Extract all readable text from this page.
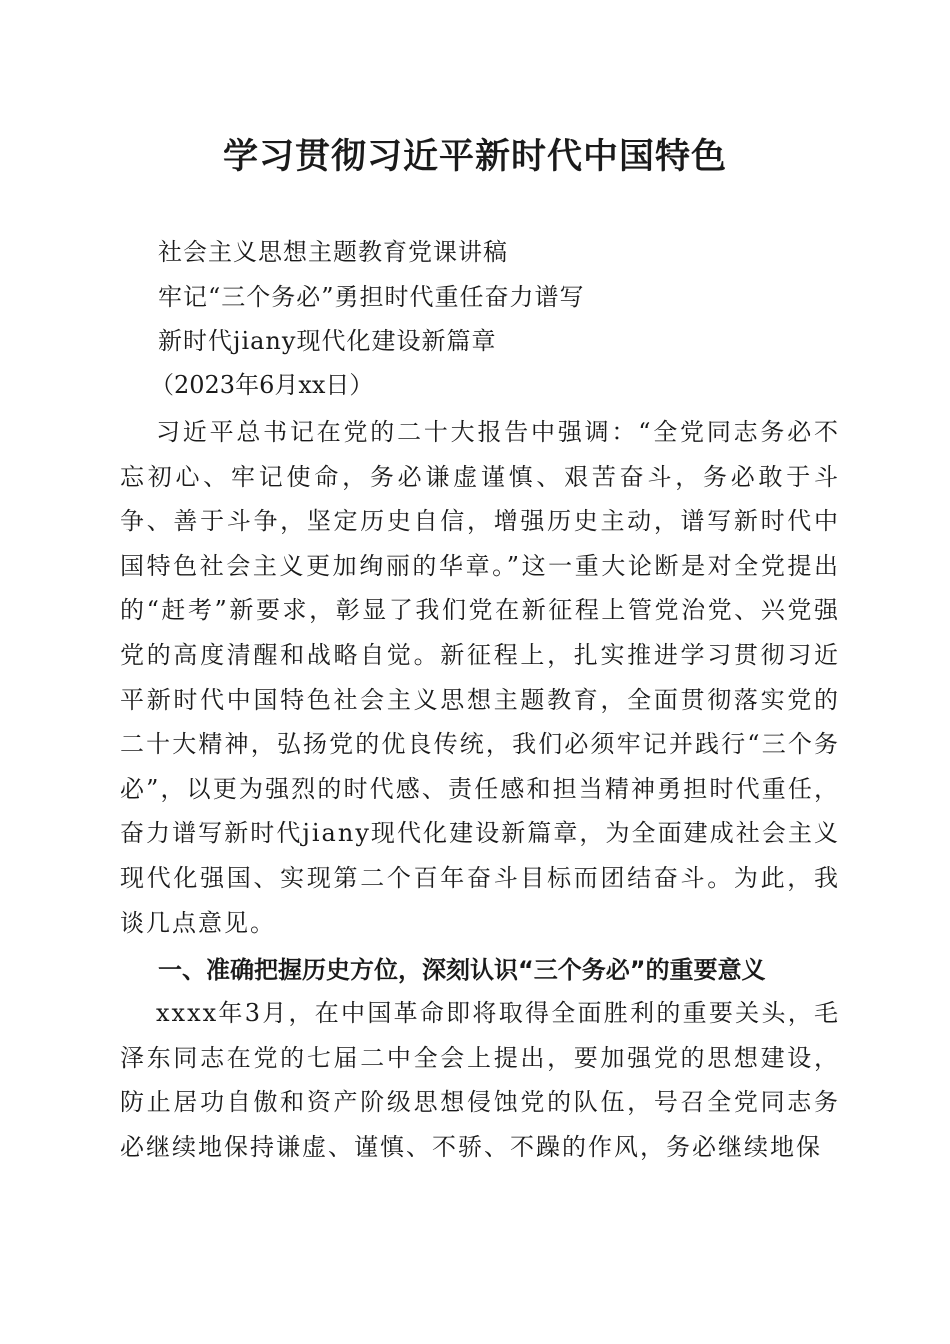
学习贯彻习近平新时代中国特色

社会主义思想主题教育党课讲稿

牢记“三个务必”勇担时代重任奋力谱写

新时代jiany现代化建设新篇章

（2023年6月xx日）

习近平总书记在党的二十大报告中强调：“全党同志务必不忘初心、牢记使命，务必谦虚谨慎、艰苦奋斗，务必敢于斗争、善于斗争，坚定历史自信，增强历史主动，谱写新时代中国特色社会主义更加绚丽的华章。”这一重大论断是对全党提出的“赶考”新要求，彰显了我们党在新征程上管党治党、兴党强党的高度清醒和战略自觉。新征程上，扎实推进学习贯彻习近平新时代中国特色社会主义思想主题教育，全面贯彻落实党的二十大精神，弘扬党的优良传统，我们必须牢记并践行“三个务必”，以更为强烈的时代感、责任感和担当精神勇担时代重任，奋力谱写新时代jiany现代化建设新篇章，为全面建成社会主义现代化强国、实现第二个百年奋斗目标而团结奋斗。为此，我谈几点意见。

一、准确把握历史方位，深刻认识“三个务必”的重要意义

xxxx年3月，在中国革命即将取得全面胜利的重要关头，毛泽东同志在党的七届二中全会上提出，要加强党的思想建设，防止居功自傲和资产阶级思想侵蚀党的队伍，号召全党同志务必继续地保持谦虚、谨慎、不骄、不躁的作风，务必继续地保
